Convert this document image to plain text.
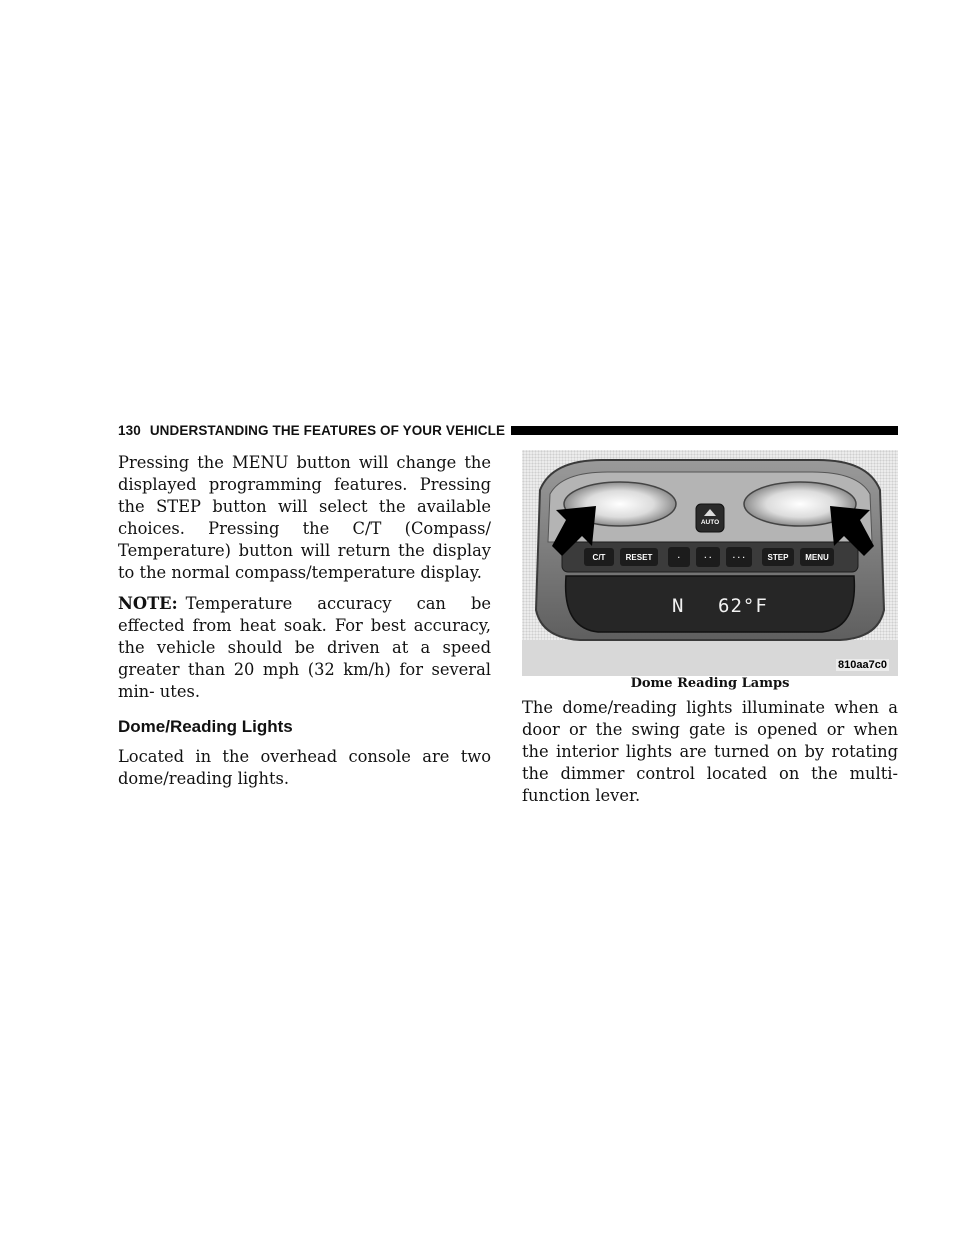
130 UNDERSTANDING THE FEATURES OF YOUR VEHICLE

Pressing the MENU button will change the displayed programming features. Pressing the STEP button will select the available choices. Pressing the C/T (Compass/ Temperature) button will return the display to the normal compass/temperature display.

NOTE: Temperature accuracy can be effected from heat soak. For best accuracy, the vehicle should be driven at a speed greater than 20 mph (32 km/h) for several min- utes.

Dome/Reading Lights

Located in the overhead console are two dome/reading lights.

AUTO
C/T	RESET	·	· ·	· · ·	STEP MENU
N 62°F
810aa7c0
Dome Reading Lamps

The dome/reading lights illuminate when a door or the swing gate is opened or when the interior lights are turned on by rotating the dimmer control located on the multi-function lever.
